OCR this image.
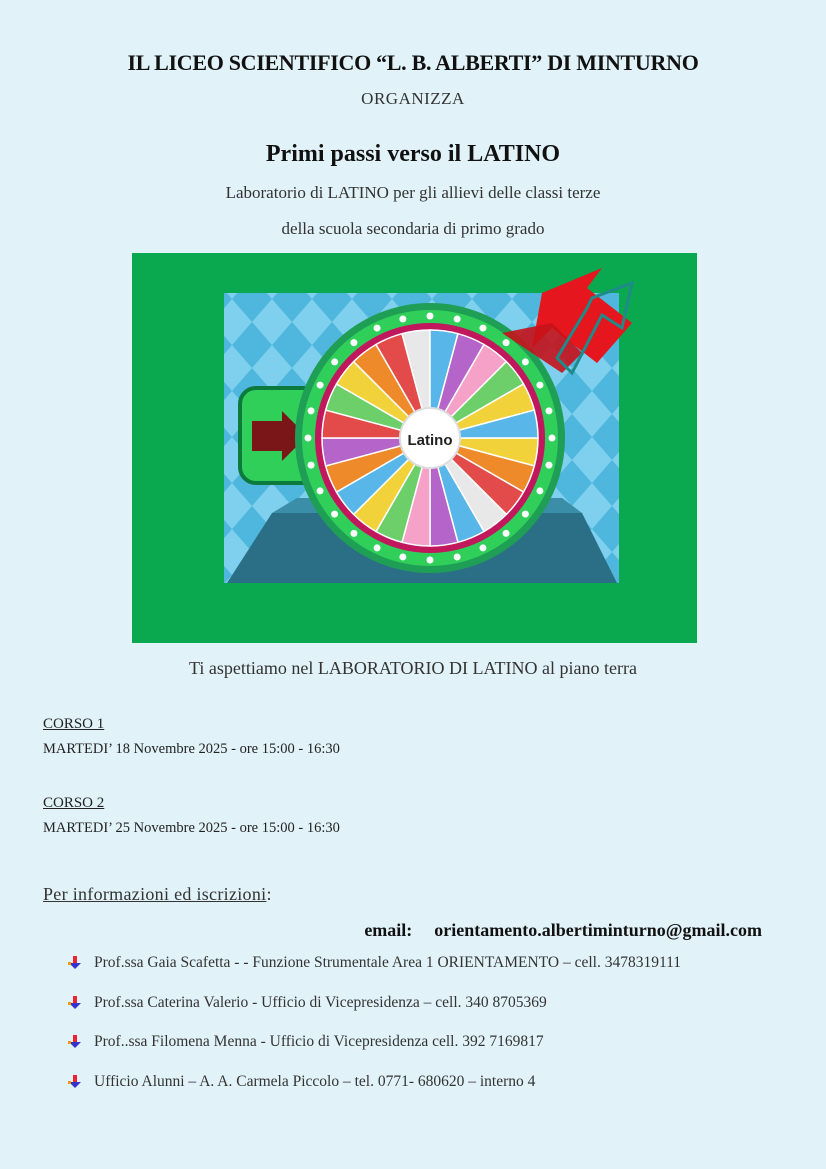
IL LICEO SCIENTIFICO “L. B. ALBERTI” DI MINTURNO
ORGANIZZA
Primi passi verso il LATINO
Laboratorio di LATINO per gli allievi delle classi terze
della scuola secondaria di primo grado
Latino
Ti aspettiamo nel LABORATORIO DI LATINO al piano terra
CORSO 1
MARTEDI’ 18 Novembre 2025 - ore 15:00 - 16:30
CORSO 2
MARTEDI’ 25 Novembre 2025 - ore 15:00 - 16:30
Per informazioni ed iscrizioni:
email: orientamento.albertiminturno@gmail.com
Prof.ssa Gaia Scafetta - - Funzione Strumentale Area 1 ORIENTAMENTO – cell. 3478319111
Prof.ssa Caterina Valerio - Ufficio di Vicepresidenza – cell. 340 8705369
Prof..ssa Filomena Menna - Ufficio di Vicepresidenza cell. 392 7169817
Ufficio Alunni – A. A. Carmela Piccolo – tel. 0771- 680620 – interno 4
